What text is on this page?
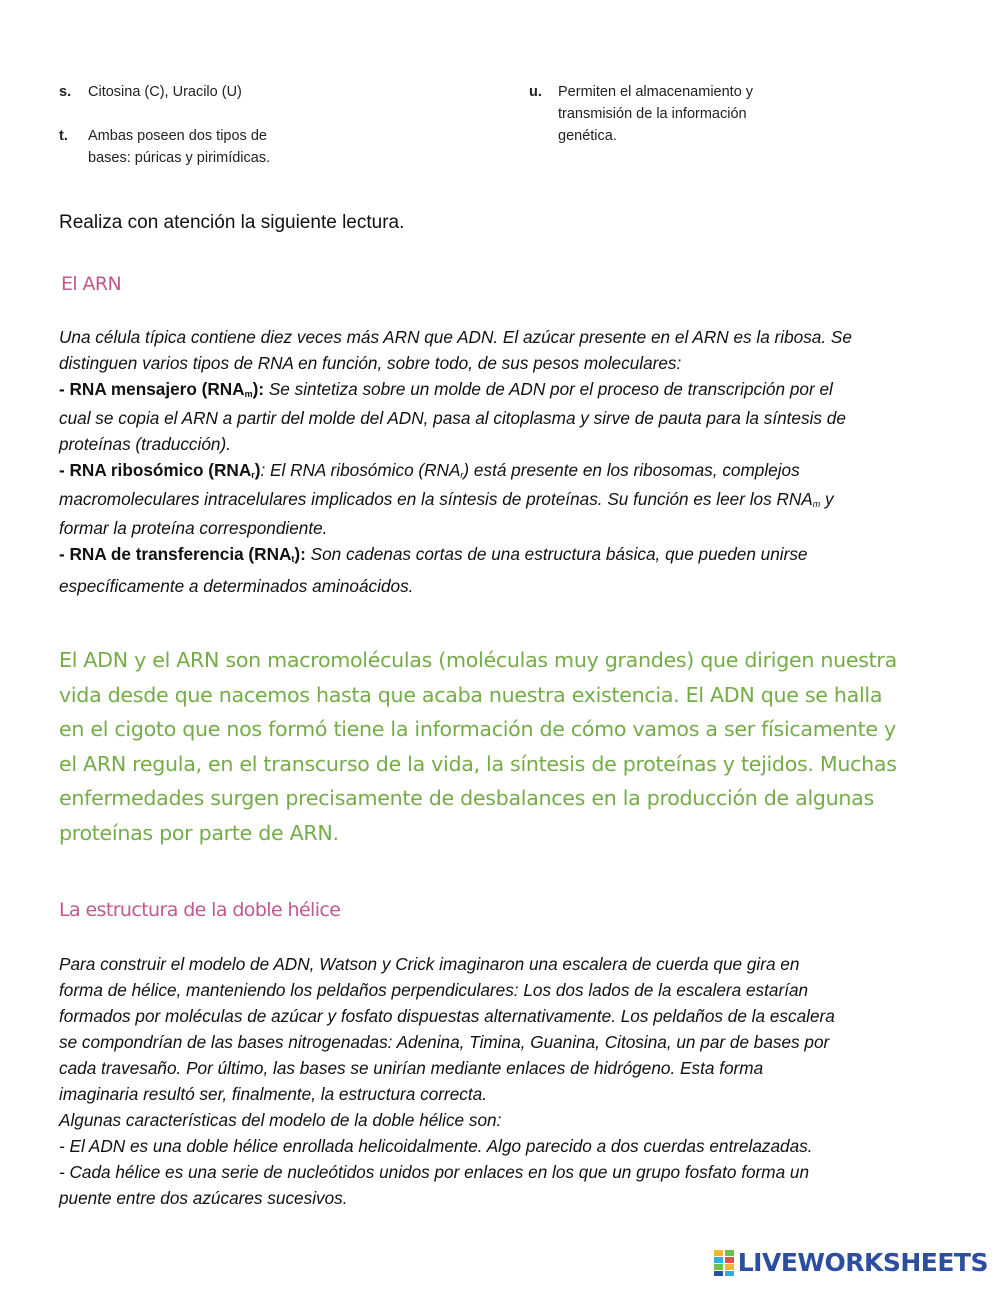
s. Citosina (C), Uracilo (U)
t. Ambas poseen dos tipos de
bases: púricas y pirimídicas.
u. Permiten el almacenamiento y
transmisión de la información
genética.
Realiza con atención la siguiente lectura.
El ARN
Una célula típica contiene diez veces más ARN que ADN. El azúcar presente en el ARN es la ribosa. Se
distinguen varios tipos de RNA en función, sobre todo, de sus pesos moleculares:
- RNA mensajero $(RNA_m)$: Se sintetiza sobre un molde de ADN por el proceso de transcripción por el
cual se copia el ARN a partir del molde del ADN, pasa al citoplasma y sirve de pauta para la síntesis de
proteínas (traducción).
- RNA ribosómico $(RNA_r)$: El RNA ribosómico $(RNA_r)$ está presente en los ribosomas, complejos
macromoleculares intracelulares implicados en la síntesis de proteínas. Su función es leer los $RNA_m$ y
formar la proteína correspondiente.
- RNA de transferencia $(RNA_t)$: Son cadenas cortas de una estructura básica, que pueden unirse
específicamente a determinados aminoácidos.
El ADN y el ARN son macromoléculas (moléculas muy grandes) que dirigen nuestra
vida desde que nacemos hasta que acaba nuestra existencia. El ADN que se halla
en el cigoto que nos formó tiene la información de cómo vamos a ser físicamente y
el ARN regula, en el transcurso de la vida, la síntesis de proteínas y tejidos. Muchas
enfermedades surgen precisamente de desbalances en la producción de algunas
proteínas por parte de ARN.
La estructura de la doble hélice
Para construir el modelo de ADN, Watson y Crick imaginaron una escalera de cuerda que gira en
forma de hélice, manteniendo los peldaños perpendiculares: Los dos lados de la escalera estarían
formados por moléculas de azúcar y fosfato dispuestas alternativamente. Los peldaños de la escalera
se compondrían de las bases nitrogenadas: Adenina, Timina, Guanina, Citosina, un par de bases por
cada travesaño. Por último, las bases se unirían mediante enlaces de hidrógeno. Esta forma
imaginaria resultó ser, finalmente, la estructura correcta.
Algunas características del modelo de la doble hélice son:
- El ADN es una doble hélice enrollada helicoidalmente. Algo parecido a dos cuerdas entrelazadas.
- Cada hélice es una serie de nucleótidos unidos por enlaces en los que un grupo fosfato forma un
puente entre dos azúcares sucesivos.
LIVEWORKSHEETS
